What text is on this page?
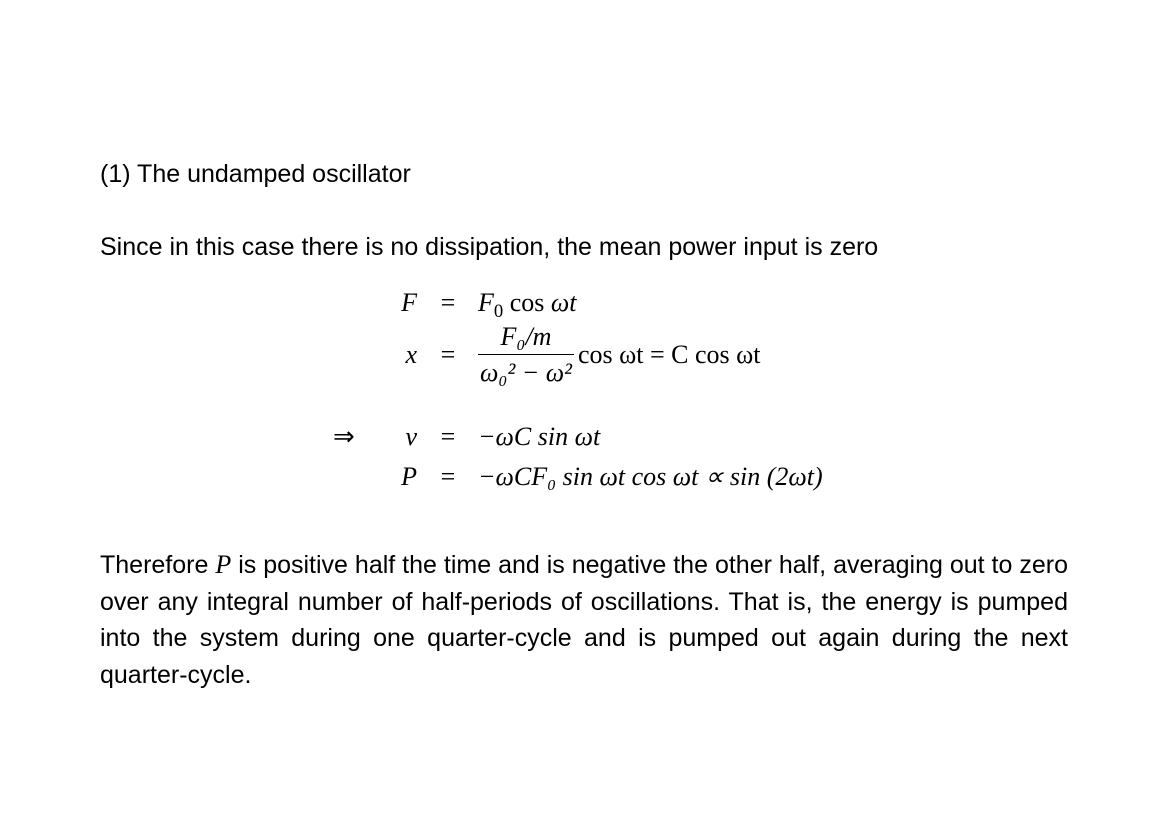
(1) The undamped oscillator
Since in this case there is no dissipation, the mean power input is zero
$F = F_0$ cos ωt
x =
F₀/m
ω₀² − ω²
cos ωt = C cos ωt
⇒	v = −ωC sin ωt
P = −ωCF₀ sin ωt cos ωt ∝ sin (2ωt)
Therefore P is positive half the time and is negative the other half, averaging out to zero over any integral number of half-periods of oscillations. That is, the energy is pumped into the system during one quarter-cycle and is pumped out again during the next quarter-cycle.
